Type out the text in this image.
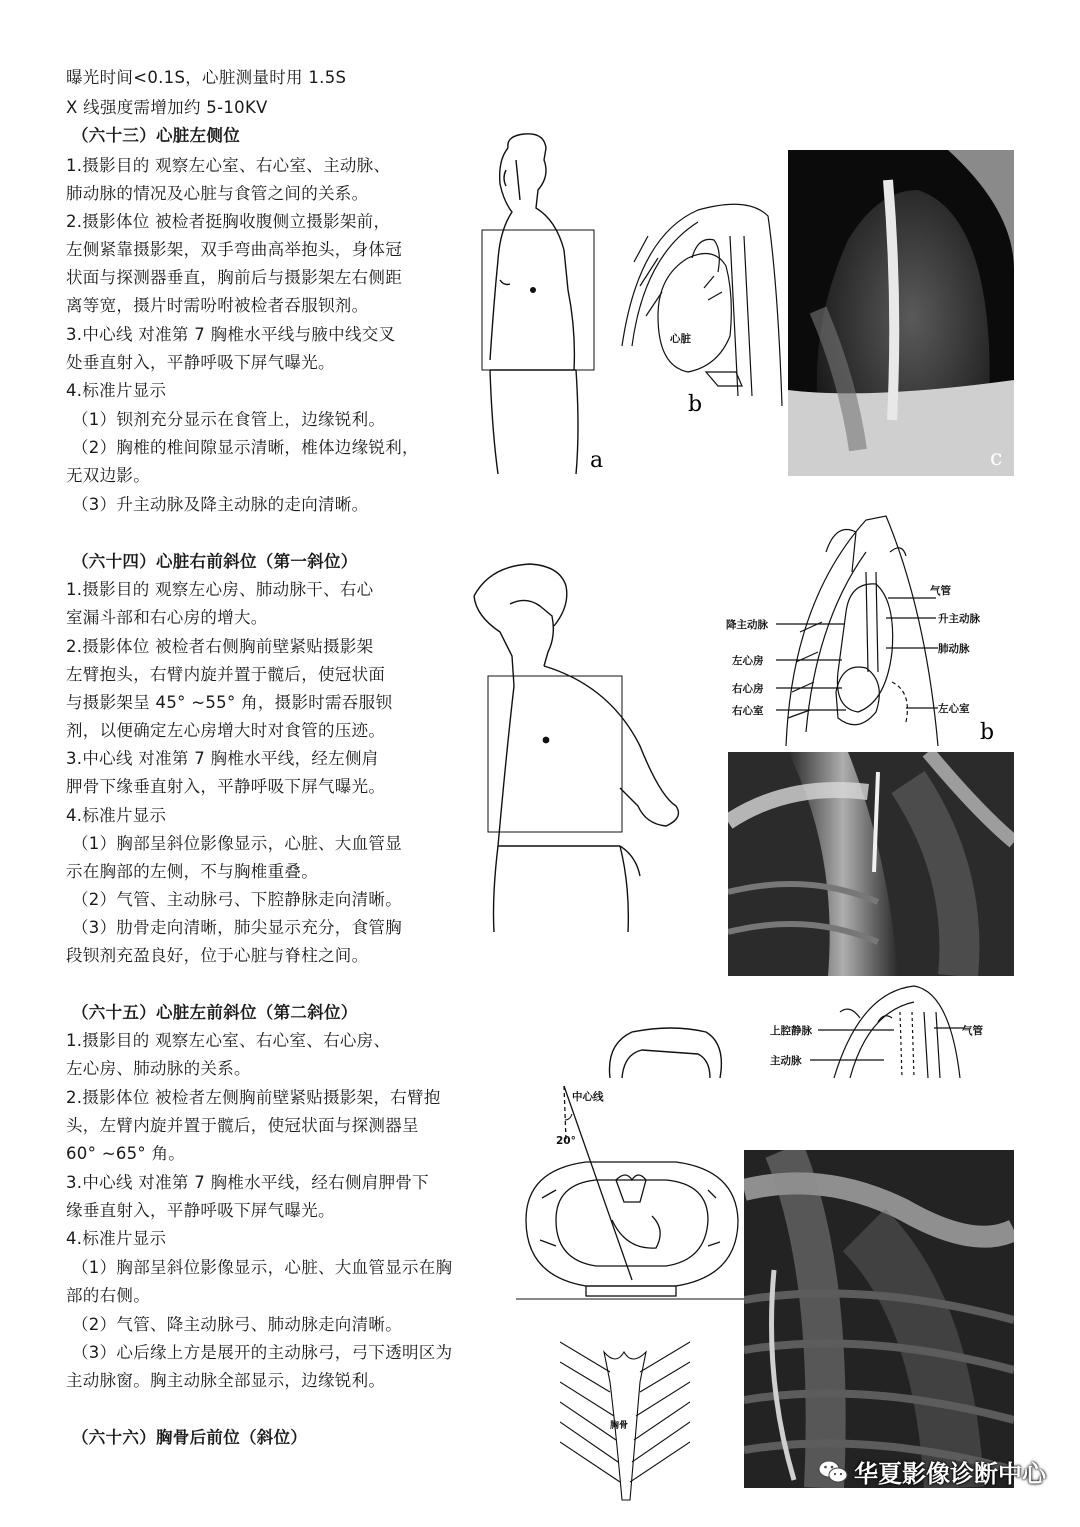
曝光时间<0.1S，心脏测量时用 1.5S
X 线强度需增加约 5-10KV
（六十三）心脏左侧位
1.摄影目的 观察左心室、右心室、主动脉、
肺动脉的情况及心脏与食管之间的关系。
2.摄影体位 被检者挺胸收腹侧立摄影架前，
左侧紧靠摄影架，双手弯曲高举抱头，身体冠
状面与探测器垂直，胸前后与摄影架左右侧距
离等宽，摄片时需吩咐被检者吞服钡剂。
3.中心线 对准第 7 胸椎水平线与腋中线交叉
处垂直射入，平静呼吸下屏气曝光。
4.标准片显示
（1）钡剂充分显示在食管上，边缘锐利。
（2）胸椎的椎间隙显示清晰，椎体边缘锐利，
无双边影。
（3）升主动脉及降主动脉的走向清晰。
（六十四）心脏右前斜位（第一斜位）
1.摄影目的 观察左心房、肺动脉干、右心
室漏斗部和右心房的增大。
2.摄影体位 被检者右侧胸前壁紧贴摄影架
左臂抱头，右臂内旋并置于髋后，使冠状面
与摄影架呈 45° ~55° 角，摄影时需吞服钡
剂，以便确定左心房增大时对食管的压迹。
3.中心线 对准第 7 胸椎水平线，经左侧肩
胛骨下缘垂直射入，平静呼吸下屏气曝光。
4.标准片显示
（1）胸部呈斜位影像显示，心脏、大血管显
示在胸部的左侧，不与胸椎重叠。
（2）气管、主动脉弓、下腔静脉走向清晰。
（3）肋骨走向清晰，肺尖显示充分，食管胸
段钡剂充盈良好，位于心脏与脊柱之间。
（六十五）心脏左前斜位（第二斜位）
1.摄影目的 观察左心室、右心室、右心房、
左心房、肺动脉的关系。
2.摄影体位 被检者左侧胸前壁紧贴摄影架，右臂抱
头，左臂内旋并置于髋后，使冠状面与探测器呈
60° ~65° 角。
3.中心线 对准第 7 胸椎水平线，经右侧肩胛骨下
缘垂直射入，平静呼吸下屏气曝光。
4.标准片显示
（1）胸部呈斜位影像显示，心脏、大血管显示在胸
部的右侧。
（2）气管、降主动脉弓、肺动脉走向清晰。
（3）心后缘上方是展开的主动脉弓，弓下透明区为
主动脉窗。胸主动脉全部显示，边缘锐利。
（六十六）胸骨后前位（斜位）
a
心脏
b
c
气管
升主动脉
肺动脉
左心室
降主动脉
左心房
右心房
右心室
b
上腔静脉	气管
主动脉
中心线
20°
胸骨
华夏影像诊断中心
